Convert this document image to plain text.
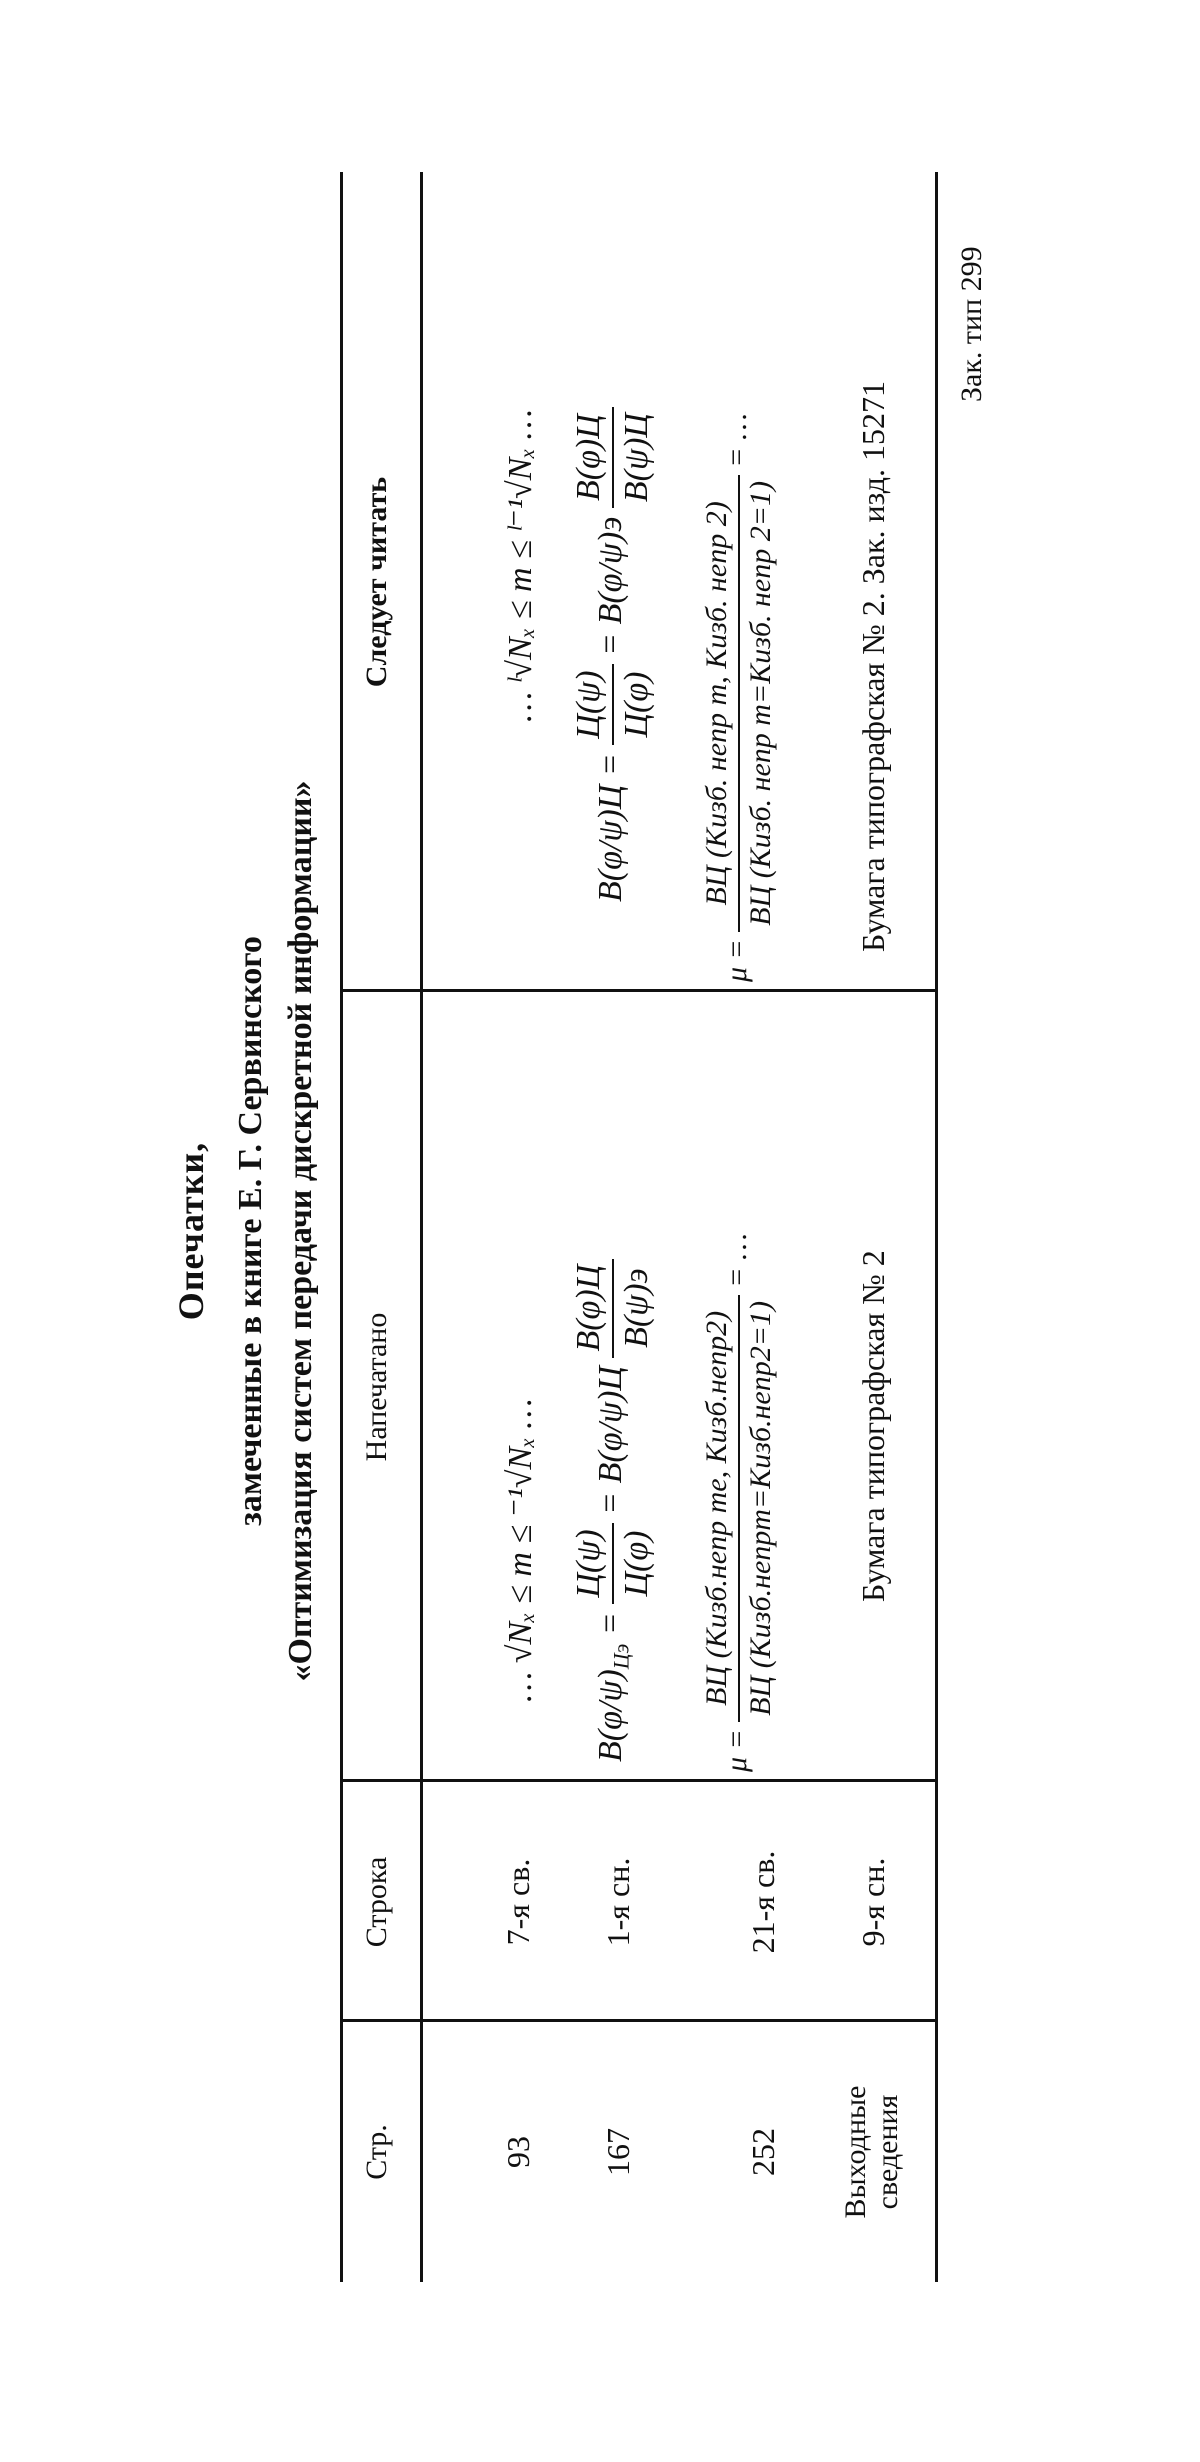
Опечатки, замеченные в книге Е. Г. Сервинского «Оптимизация систем передачи дискретной информации»
Стр.
Строка
Напечатано
Следует читать
93
7-я св.
… √Nₓ ≤ m ≤ ⁻¹√Nₓ …
… ˡ√Nₓ ≤ m ≤ ˡ⁻¹√Nₓ …
167
1-я сн.
$B(\varphi/\psi)_{Цэ}$ =
Ц(ψ) Ц(φ)
= B(φ/ψ)Ц
B(φ)Ц B(ψ)э
B(φ/ψ)Ц =
Ц(ψ) Ц(φ)
= B(φ/ψ)э
B(φ)Ц B(ψ)Ц
252
21-я св.
μ =
BЦ (Kизб.непр mе, Kизб.непр2) BЦ (Kизб.непрm=Kизб.непр2=1)
= …
μ =
BЦ (Kизб. непр m, Kизб. непр 2) BЦ (Kизб. непр m=Kизб. непр 2=1)
= …
Выходные сведения
9-я сн.
Бумага типографская № 2
Бумага типографская № 2. Зак. изд. 15271
Зак. тип 299
